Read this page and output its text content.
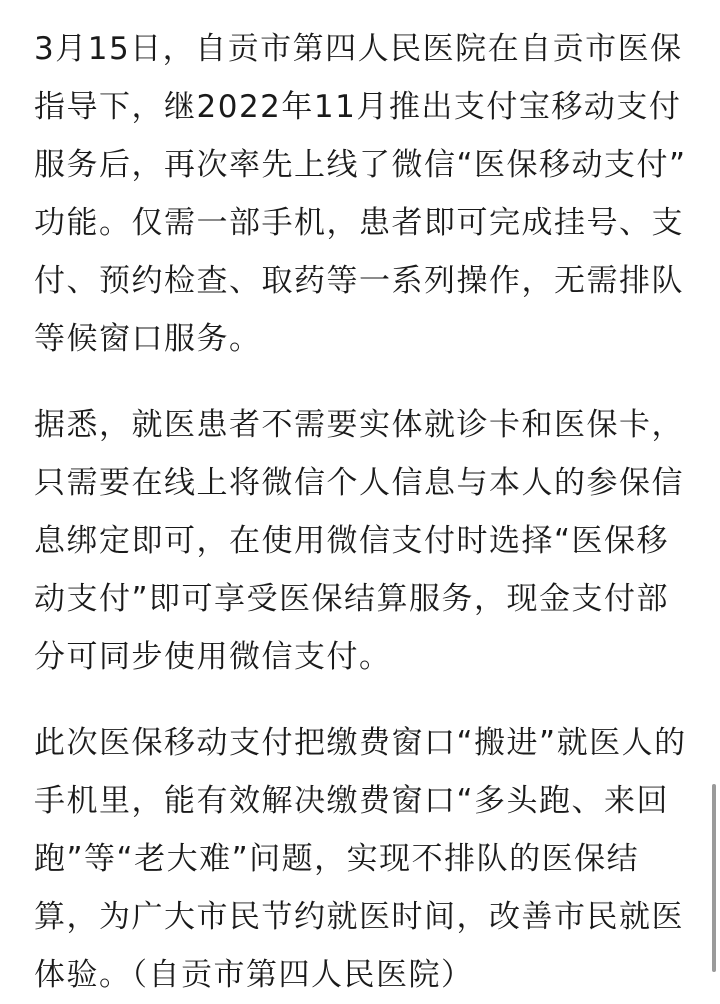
3月15日，自贡市第四人民医院在自贡市医保
指导下，继2022年11月推出支付宝移动支付
服务后，再次率先上线了微信“医保移动支付”
功能。仅需一部手机，患者即可完成挂号、支
付、预约检查、取药等一系列操作，无需排队
等候窗口服务。

据悉，就医患者不需要实体就诊卡和医保卡，
只需要在线上将微信个人信息与本人的参保信
息绑定即可，在使用微信支付时选择“医保移
动支付”即可享受医保结算服务，现金支付部
分可同步使用微信支付。

此次医保移动支付把缴费窗口“搬进”就医人的
手机里，能有效解决缴费窗口“多头跑、来回
跑”等“老大难”问题，实现不排队的医保结
算，为广大市民节约就医时间，改善市民就医
体验。（自贡市第四人民医院）
